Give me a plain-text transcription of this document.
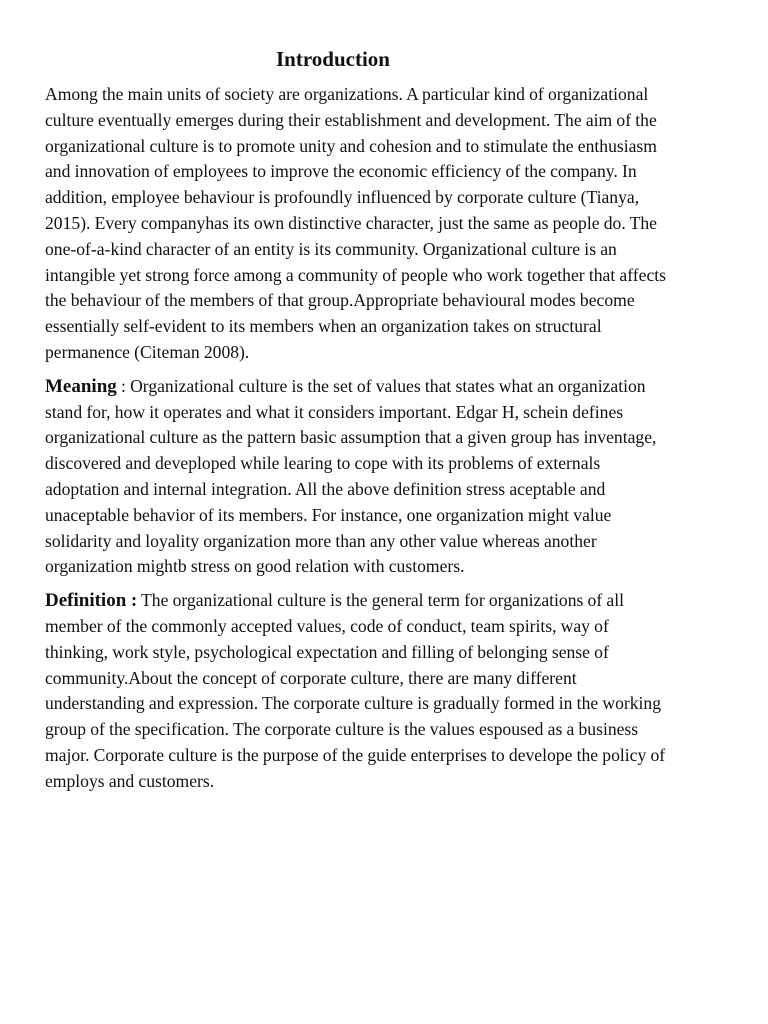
Introduction

Among the main units of society are organizations. A particular kind of organizational culture eventually emerges during their establishment and development. The aim of the organizational culture is to promote unity and cohesion and to stimulate the enthusiasm and innovation of employees to improve the economic efficiency of the company. In addition, employee behaviour is profoundly influenced by corporate culture (Tianya, 2015). Every companyhas its own distinctive character, just the same as people do. The one-of-a-kind character of an entity is its community. Organizational culture is an intangible yet strong force among a community of people who work together that affects the behaviour of the members of that group.Appropriate behavioural modes become essentially self-evident to its members when an organization takes on structural permanence (Citeman 2008).

Meaning : Organizational culture is the set of values that states what an organization stand for, how it operates and what it considers important. Edgar H, schein defines organizational culture as the pattern basic assumption that a given group has inventage, discovered and deveploped while learing to cope with its problems of externals adoptation and internal integration. All the above definition stress aceptable and unaceptable behavior of its members. For instance, one organization might value solidarity and loyality organization more than any other value whereas another organization mightb stress on good relation with customers.

Definition : The organizational culture is the general term for organizations of all member of the commonly accepted values, code of conduct, team spirits, way of thinking, work style, psychological expectation and filling of belonging sense of community.About the concept of corporate culture, there are many different understanding and expression. The corporate culture is gradually formed in the working group of the specification. The corporate culture is the values espoused as a business major. Corporate culture is the purpose of the guide enterprises to develope the policy of employs and customers.
